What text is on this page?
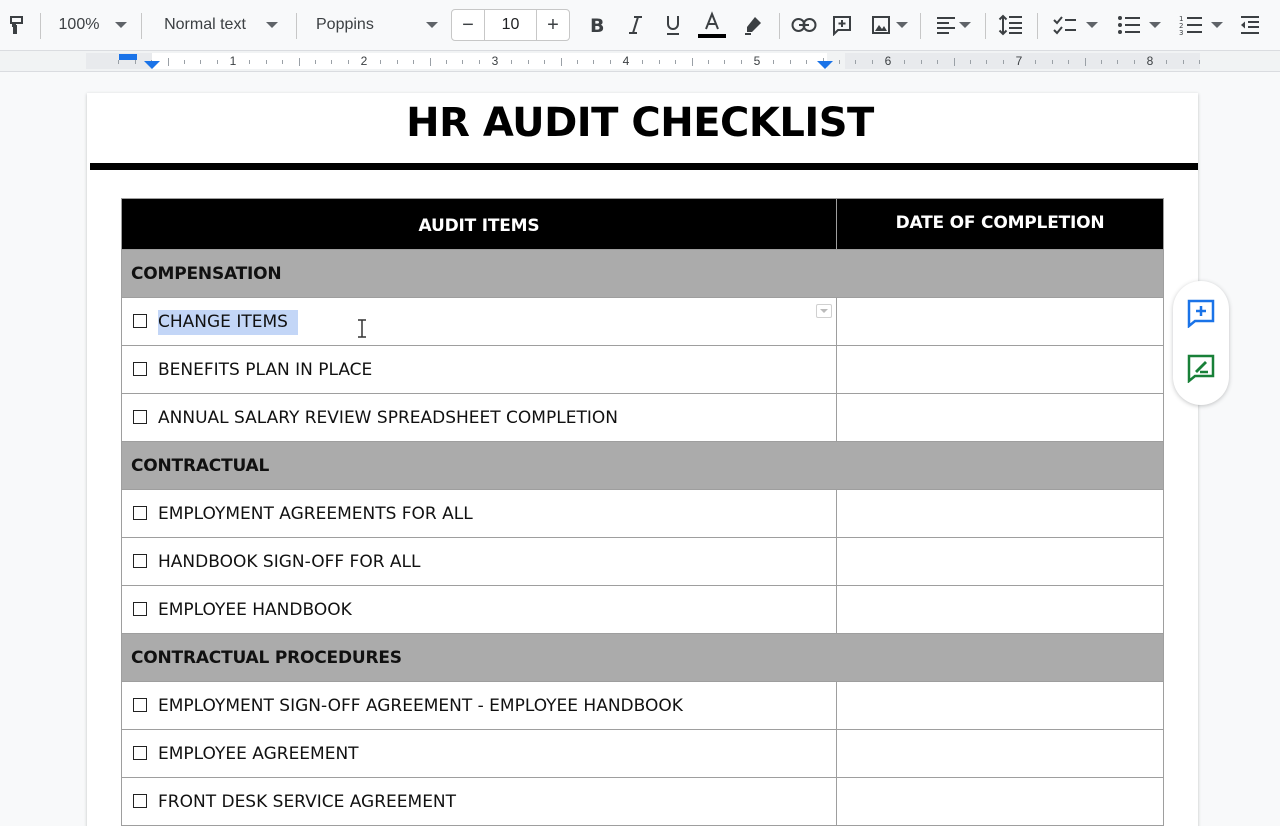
100%	Normal text	Poppins	−	10	+	B	1
2
3
1	2	3	4	5	6	7	8
HR AUDIT CHECKLIST
AUDIT ITEMS	DATE OF COMPLETION
COMPENSATION	
CHANGE ITEMS

BENEFITS PLAN IN PLACE	
ANNUAL SALARY REVIEW SPREADSHEET COMPLETION	
CONTRACTUAL	
EMPLOYMENT AGREEMENTS FOR ALL	
HANDBOOK SIGN-OFF FOR ALL	
EMPLOYEE HANDBOOK	
CONTRACTUAL PROCEDURES	
EMPLOYMENT SIGN-OFF AGREEMENT - EMPLOYEE HANDBOOK	
EMPLOYEE AGREEMENT	
FRONT DESK SERVICE AGREEMENT	
